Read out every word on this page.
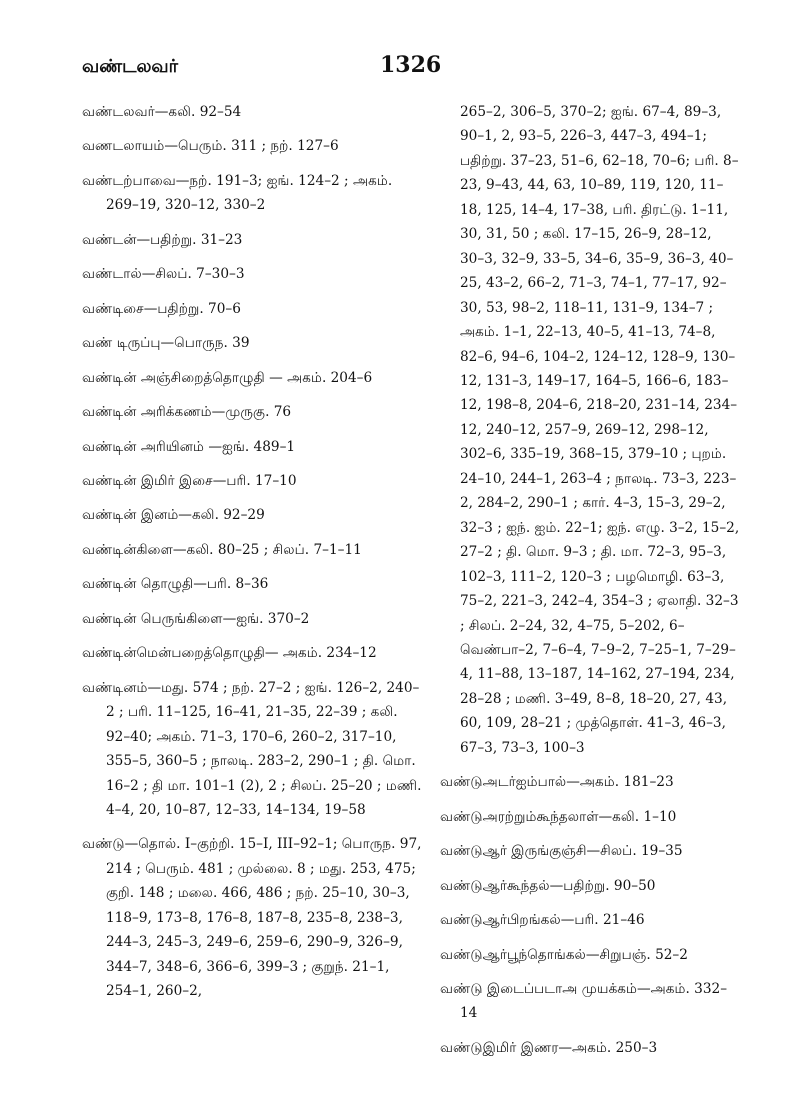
வண்டலவர்	1326

வண்டலவர்—கலி. 92–54

வணடலாயம்—பெரும். 311 ; நற். 127–6

வண்டற்பாவை—நற். 191–3; ஐங். 124–2 ; அகம். 269–19, 320–12, 330–2

வண்டன்—பதிற்று. 31–23

வண்டால்—சிலப். 7–30–3

வண்டிசை—பதிற்று. 70–6

வண் டிருப்பு—பொருந. 39

வண்டின் அஞ்சிறைத்தொழுதி — அகம். 204–6

வண்டின் அரிக்கணம்—முருகு. 76

வண்டின் அரியினம் —ஐங். 489–1

வண்டின் இமிர் இசை—பரி. 17–10

வண்டின் இனம்—கலி. 92–29

வண்டின்கிளை—கலி. 80–25 ; சிலப். 7–1–11

வண்டின் தொழுதி—பரி. 8–36

வண்டின் பெருங்கிளை—ஐங். 370–2

வண்டின்மென்பறைத்தொழுதி— அகம். 234–12

வண்டினம்—மது. 574 ; நற். 27–2 ; ஐங். 126–2, 240–2 ; பரி. 11–125, 16–41, 21–35, 22–39 ; கலி. 92–40; அகம். 71–3, 170–6, 260–2, 317–10, 355–5, 360–5 ; நாலடி. 283–2, 290–1 ; தி. மொ. 16–2 ; தி மா. 101–1 (2), 2 ; சிலப். 25–20 ; மணி. 4–4, 20, 10–87, 12–33, 14–134, 19–58

வண்டு—தொல். I–குற்றி. 15–I, III–92–1; பொருந. 97, 214 ; பெரும். 481 ; முல்லை. 8 ; மது. 253, 475; குறி. 148 ; மலை. 466, 486 ; நற். 25–10, 30–3, 118–9, 173–8, 176–8, 187–8, 235–8, 238–3, 244–3, 245–3, 249–6, 259–6, 290–9, 326–9, 344–7, 348–6, 366–6, 399–3 ; குறுந். 21–1, 254–1, 260–2,

265–2, 306–5, 370–2; ஐங். 67–4, 89–3, 90–1, 2, 93–5, 226–3, 447–3, 494–1; பதிற்று. 37–23, 51–6, 62–18, 70–6; பரி. 8–23, 9–43, 44, 63, 10–89, 119, 120, 11–18, 125, 14–4, 17–38, பரி. திரட்டு. 1–11, 30, 31, 50 ; கலி. 17–15, 26–9, 28–12, 30–3, 32–9, 33–5, 34–6, 35–9, 36–3, 40–25, 43–2, 66–2, 71–3, 74–1, 77–17, 92–30, 53, 98–2, 118–11, 131–9, 134–7 ; அகம். 1–1, 22–13, 40–5, 41–13, 74–8, 82–6, 94–6, 104–2, 124–12, 128–9, 130–12, 131–3, 149–17, 164–5, 166–6, 183–12, 198–8, 204–6, 218–20, 231–14, 234–12, 240–12, 257–9, 269–12, 298–12, 302–6, 335–19, 368–15, 379–10 ; புறம். 24–10, 244–1, 263–4 ; நாலடி. 73–3, 223–2, 284–2, 290–1 ; கார். 4–3, 15–3, 29–2, 32–3 ; ஐந். ஐம். 22–1; ஐந். எழு. 3–2, 15–2, 27–2 ; தி. மொ. 9–3 ; தி. மா. 72–3, 95–3, 102–3, 111–2, 120–3 ; பழமொழி. 63–3, 75–2, 221–3, 242–4, 354–3 ; ஏலாதி. 32–3 ; சிலப். 2–24, 32, 4–75, 5–202, 6–வெண்பா–2, 7–6–4, 7–9–2, 7–25–1, 7–29–4, 11–88, 13–187, 14–162, 27–194, 234, 28–28 ; மணி. 3–49, 8–8, 18–20, 27, 43, 60, 109, 28–21 ; முத்தொள். 41–3, 46–3, 67–3, 73–3, 100–3

வண்டுஅடர்ஐம்பால்—அகம். 181–23

வண்டுஅரற்றும்கூந்தலாள்—கலி. 1–10

வண்டுஆர் இருங்குஞ்சி—சிலப். 19–35

வண்டுஆர்கூந்தல்—பதிற்று. 90–50

வண்டுஆர்பிறங்கல்—பரி. 21–46

வண்டுஆர்பூந்தொங்கல்—சிறுபஞ். 52–2

வண்டு இடைப்படாஅ முயக்கம்—அகம். 332–14

வண்டுஇமிர் இணர—அகம். 250–3
